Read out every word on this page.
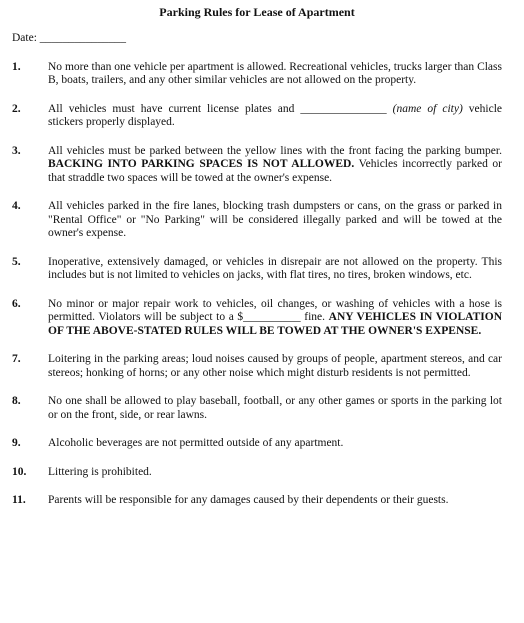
Parking Rules for Lease of Apartment
Date: _______________
1.	No more than one vehicle per apartment is allowed. Recreational vehicles, trucks larger than Class B, boats, trailers, and any other similar vehicles are not allowed on the property.
2.	All vehicles must have current license plates and _______________ (name of city) vehicle stickers properly displayed.
3.	All vehicles must be parked between the yellow lines with the front facing the parking bumper. BACKING INTO PARKING SPACES IS NOT ALLOWED. Vehicles incorrectly parked or that straddle two spaces will be towed at the owner's expense.
4.	All vehicles parked in the fire lanes, blocking trash dumpsters or cans, on the grass or parked in "Rental Office" or "No Parking" will be considered illegally parked and will be towed at the owner's expense.
5.	Inoperative, extensively damaged, or vehicles in disrepair are not allowed on the property. This includes but is not limited to vehicles on jacks, with flat tires, no tires, broken windows, etc.
6.	No minor or major repair work to vehicles, oil changes, or washing of vehicles with a hose is permitted. Violators will be subject to a $__________ fine. ANY VEHICLES IN VIOLATION OF THE ABOVE-STATED RULES WILL BE TOWED AT THE OWNER'S EXPENSE.
7.	Loitering in the parking areas; loud noises caused by groups of people, apartment stereos, and car stereos; honking of horns; or any other noise which might disturb residents is not permitted.
8.	No one shall be allowed to play baseball, football, or any other games or sports in the parking lot or on the front, side, or rear lawns.
9.	Alcoholic beverages are not permitted outside of any apartment.
10.	Littering is prohibited.
11.	Parents will be responsible for any damages caused by their dependents or their guests.
